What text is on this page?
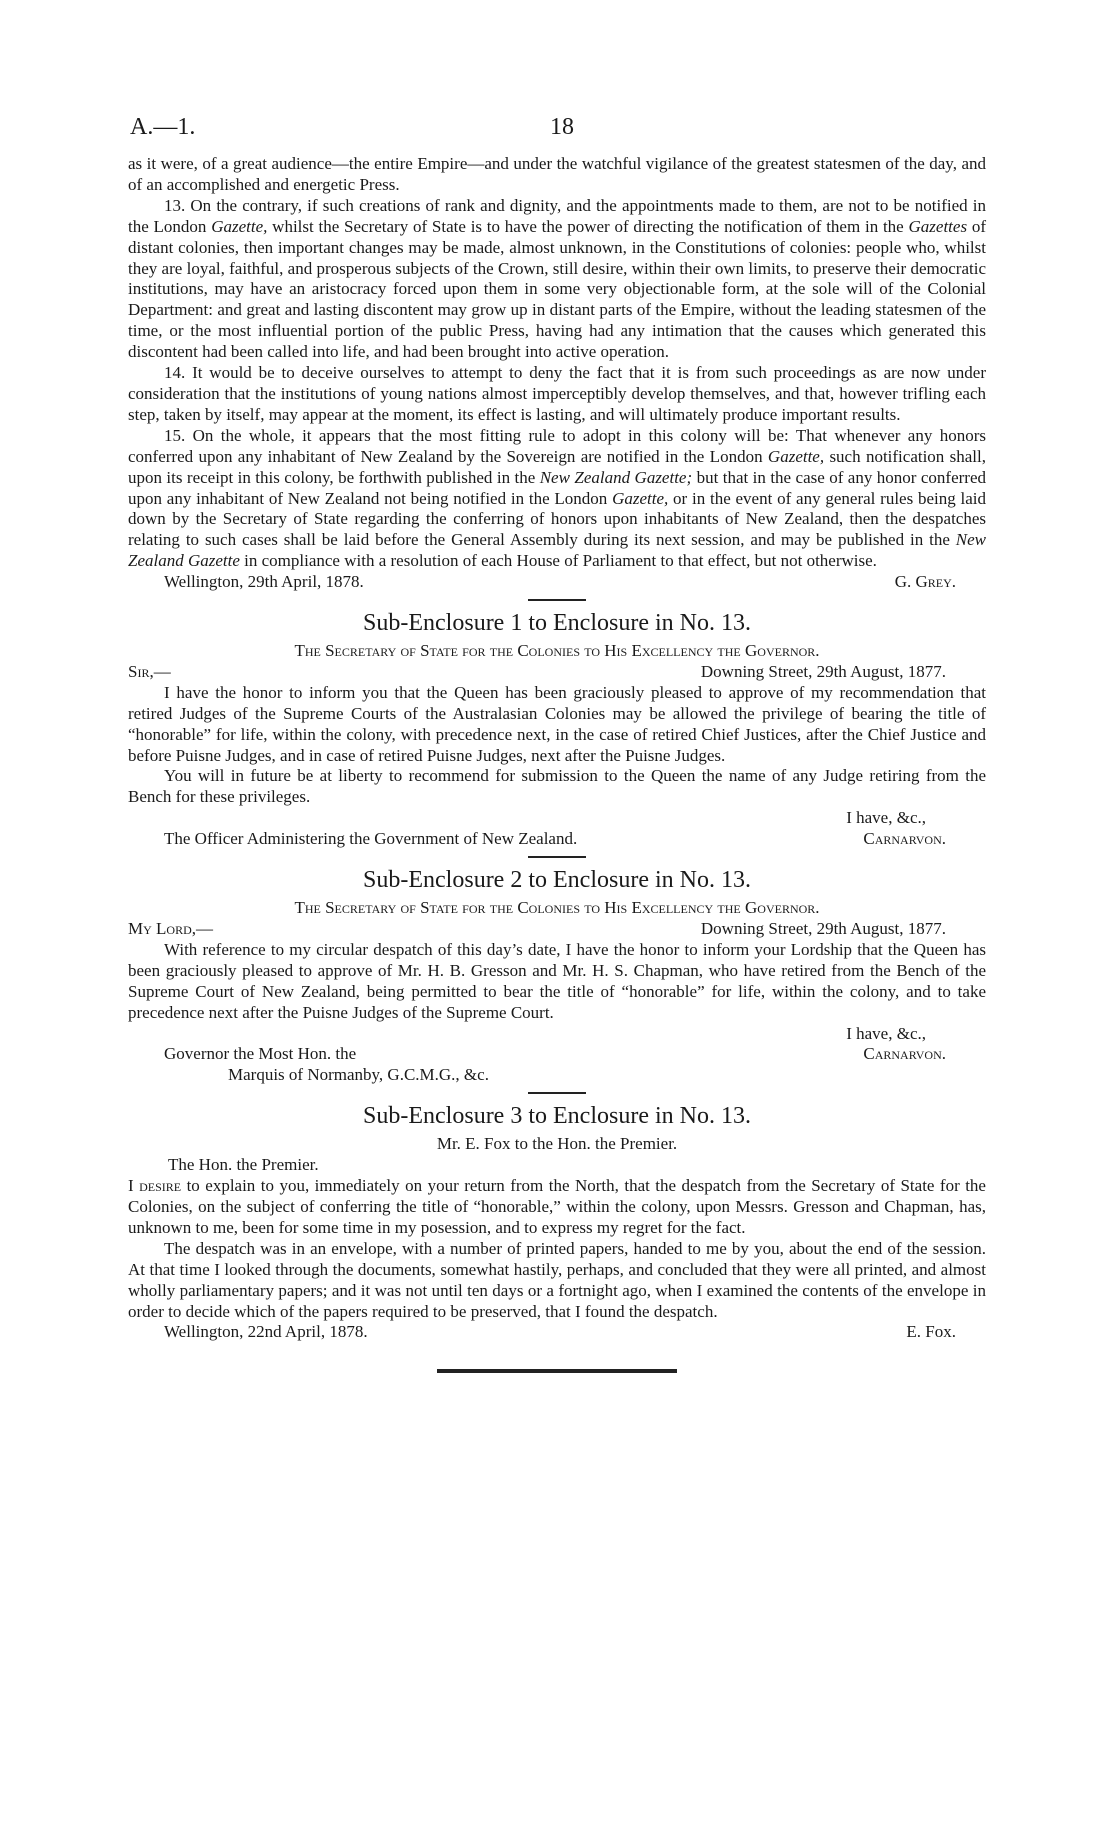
A.—1.	18

as it were, of a great audience—the entire Empire—and under the watchful vigilance of the greatest statesmen of the day, and of an accomplished and energetic Press.

13. On the contrary, if such creations of rank and dignity, and the appointments made to them, are not to be notified in the London Gazette, whilst the Secretary of State is to have the power of directing the notification of them in the Gazettes of distant colonies, then important changes may be made, almost unknown, in the Constitutions of colonies: people who, whilst they are loyal, faithful, and prosperous subjects of the Crown, still desire, within their own limits, to preserve their democratic institutions, may have an aristocracy forced upon them in some very objectionable form, at the sole will of the Colonial Department: and great and lasting discontent may grow up in distant parts of the Empire, without the leading statesmen of the time, or the most influential portion of the public Press, having had any intimation that the causes which generated this discontent had been called into life, and had been brought into active operation.

14. It would be to deceive ourselves to attempt to deny the fact that it is from such proceedings as are now under consideration that the institutions of young nations almost imperceptibly develop themselves, and that, however trifling each step, taken by itself, may appear at the moment, its effect is lasting, and will ultimately produce important results.

15. On the whole, it appears that the most fitting rule to adopt in this colony will be: That whenever any honors conferred upon any inhabitant of New Zealand by the Sovereign are notified in the London Gazette, such notification shall, upon its receipt in this colony, be forthwith published in the New Zealand Gazette; but that in the case of any honor conferred upon any inhabitant of New Zealand not being notified in the London Gazette, or in the event of any general rules being laid down by the Secretary of State regarding the conferring of honors upon inhabitants of New Zealand, then the despatches relating to such cases shall be laid before the General Assembly during its next session, and may be published in the New Zealand Gazette in compliance with a resolution of each House of Parliament to that effect, but not otherwise.

Wellington, 29th April, 1878.	G. Grey.
Sub-Enclosure 1 to Enclosure in No. 13.
The Secretary of State for the Colonies to His Excellency the Governor.
Sir,—	Downing Street, 29th August, 1877.

I have the honor to inform you that the Queen has been graciously pleased to approve of my recommendation that retired Judges of the Supreme Courts of the Australasian Colonies may be allowed the privilege of bearing the title of “honorable” for life, within the colony, with precedence next, in the case of retired Chief Justices, after the Chief Justice and before Puisne Judges, and in case of retired Puisne Judges, next after the Puisne Judges.

You will in future be at liberty to recommend for submission to the Queen the name of any Judge retiring from the Bench for these privileges.

I have, &c.,
The Officer Administering the Government of New Zealand.	Carnarvon.
Sub-Enclosure 2 to Enclosure in No. 13.
The Secretary of State for the Colonies to His Excellency the Governor.
My Lord,—	Downing Street, 29th August, 1877.

With reference to my circular despatch of this day’s date, I have the honor to inform your Lordship that the Queen has been graciously pleased to approve of Mr. H. B. Gresson and Mr. H. S. Chapman, who have retired from the Bench of the Supreme Court of New Zealand, being permitted to bear the title of “honorable” for life, within the colony, and to take precedence next after the Puisne Judges of the Supreme Court.

I have, &c.,
Governor the Most Hon. the	Carnarvon.
Marquis of Normanby, G.C.M.G., &c.
Sub-Enclosure 3 to Enclosure in No. 13.
Mr. E. Fox to the Hon. the Premier.
The Hon. the Premier.

I desire to explain to you, immediately on your return from the North, that the despatch from the Secretary of State for the Colonies, on the subject of conferring the title of “honorable,” within the colony, upon Messrs. Gresson and Chapman, has, unknown to me, been for some time in my posession, and to express my regret for the fact.

The despatch was in an envelope, with a number of printed papers, handed to me by you, about the end of the session. At that time I looked through the documents, somewhat hastily, perhaps, and concluded that they were all printed, and almost wholly parliamentary papers; and it was not until ten days or a fortnight ago, when I examined the contents of the envelope in order to decide which of the papers required to be preserved, that I found the despatch.

Wellington, 22nd April, 1878.	E. Fox.
